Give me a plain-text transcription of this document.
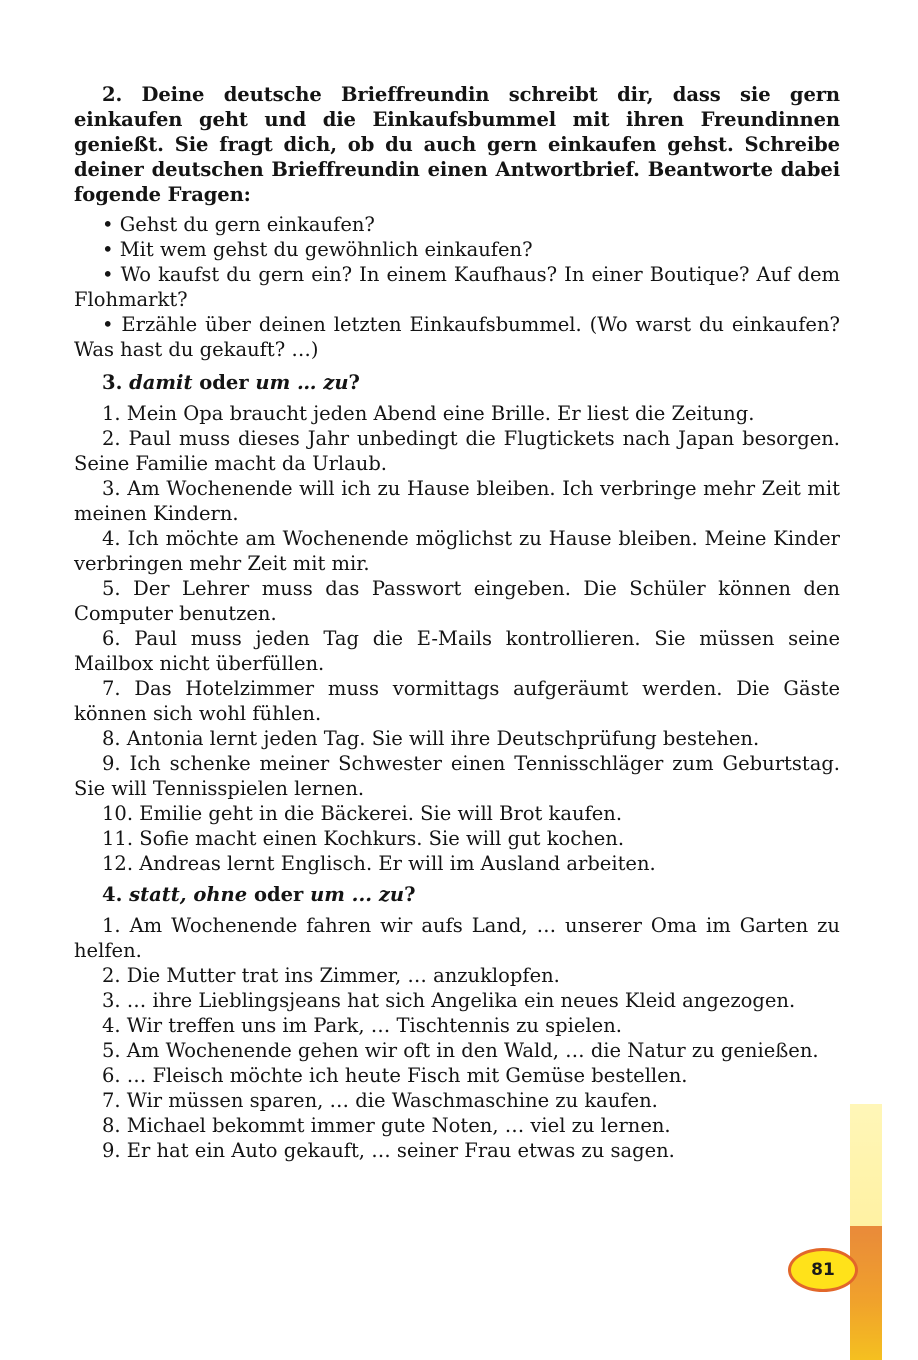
2. Deine deutsche Brieffreundin schreibt dir, dass sie gern einkaufen geht und die Einkaufsbummel mit ihren Freundinnen genießt. Sie fragt dich, ob du auch gern einkaufen gehst. Schreibe deiner deutschen Brieffreundin einen Antwortbrief. Beantworte dabei fogende Fragen:

• Gehst du gern einkaufen?
• Mit wem gehst du gewöhnlich einkaufen?
• Wo kaufst du gern ein? In einem Kaufhaus? In einer Boutique? Auf dem Flohmarkt?
• Erzähle über deinen letzten Einkaufsbummel. (Wo warst du einkaufen? Was hast du gekauft? …)

3. damit oder um … zu?

1. Mein Opa braucht jeden Abend eine Brille. Er liest die Zeitung.
2. Paul muss dieses Jahr unbedingt die Flugtickets nach Japan besorgen. Seine Familie macht da Urlaub.
3. Am Wochenende will ich zu Hause bleiben. Ich verbringe mehr Zeit mit meinen Kindern.
4. Ich möchte am Wochenende möglichst zu Hause bleiben. Meine Kinder verbringen mehr Zeit mit mir.
5. Der Lehrer muss das Passwort eingeben. Die Schüler können den Computer benutzen.
6. Paul muss jeden Tag die E-Mails kontrollieren. Sie müssen seine Mailbox nicht überfüllen.
7. Das Hotelzimmer muss vormittags aufgeräumt werden. Die Gäste können sich wohl fühlen.
8. Antonia lernt jeden Tag. Sie will ihre Deutschprüfung bestehen.
9. Ich schenke meiner Schwester einen Tennisschläger zum Geburtstag. Sie will Tennisspielen lernen.
10. Emilie geht in die Bäckerei. Sie will Brot kaufen.
11. Sofie macht einen Kochkurs. Sie will gut kochen.
12. Andreas lernt Englisch. Er will im Ausland arbeiten.

4. statt, ohne oder um ... zu?

1. Am Wochenende fahren wir aufs Land, … unserer Oma im Garten zu helfen.
2. Die Mutter trat ins Zimmer, … anzuklopfen.
3. … ihre Lieblingsjeans hat sich Angelika ein neues Kleid angezogen.
4. Wir treffen uns im Park, … Tischtennis zu spielen.
5. Am Wochenende gehen wir oft in den Wald, … die Natur zu genießen.
6. … Fleisch möchte ich heute Fisch mit Gemüse bestellen.
7. Wir müssen sparen, … die Waschmaschine zu kaufen.
8. Michael bekommt immer gute Noten, … viel zu lernen.
9. Er hat ein Auto gekauft, … seiner Frau etwas zu sagen.
81
